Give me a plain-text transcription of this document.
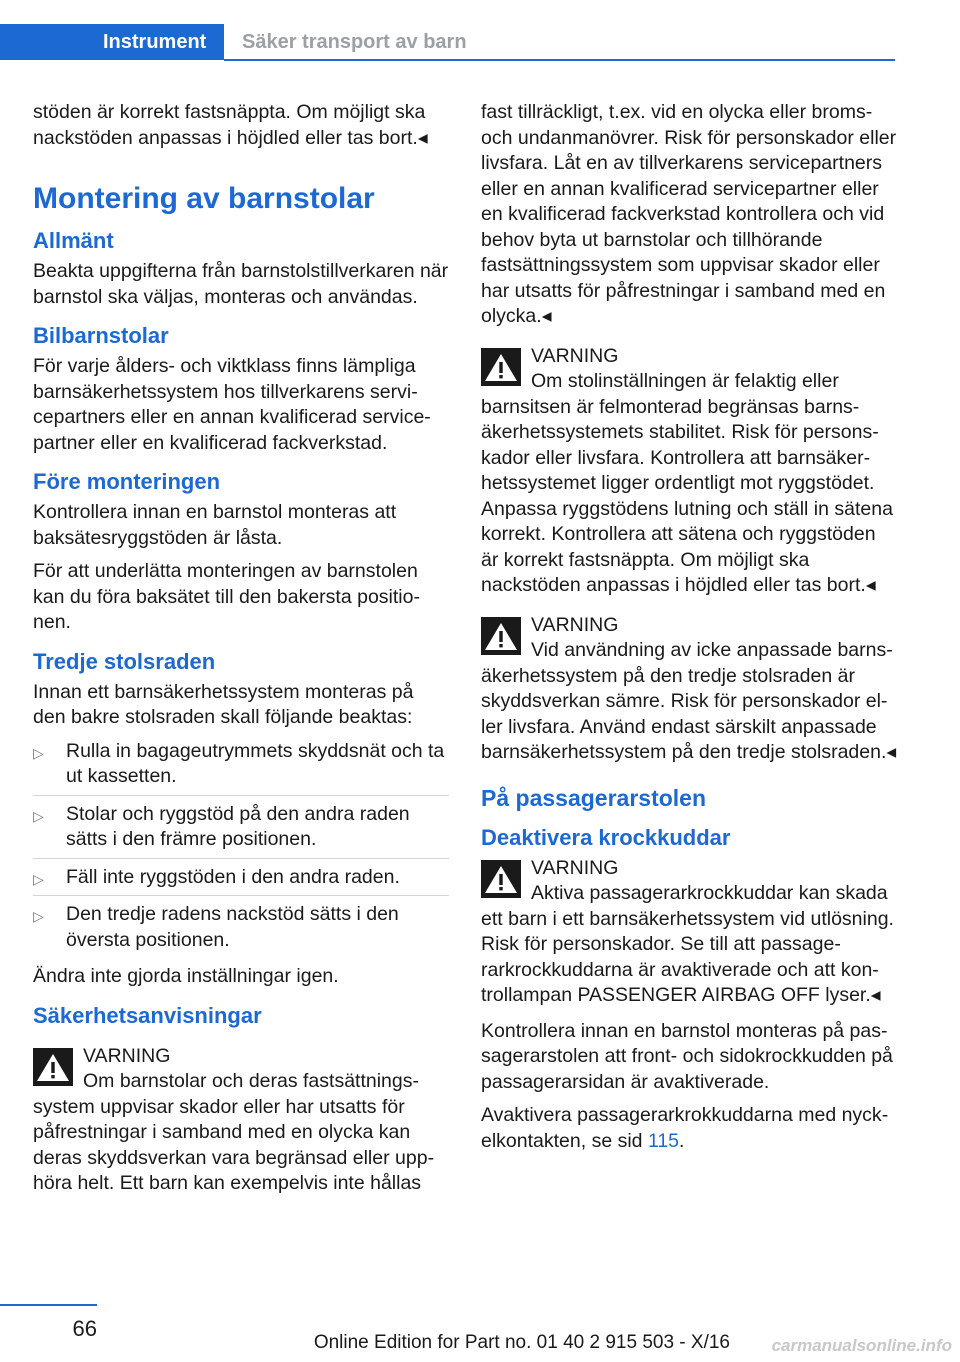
Instrument	Säker transport av barn

stöden är korrekt fastsnäppta. Om möjligt ska nackstöden anpassas i höjdled eller tas bort.◂

Montering av barnstolar
Allmänt

Beakta uppgifterna från barnstolstillverkaren när barnstol ska väljas, monteras och användas.

Bilbarnstolar

För varje ålders- och viktklass finns lämpliga barnsäkerhetssystem hos tillverkarens servicepartners eller en annan kvalificerad servicepartner eller en kvalificerad fackverkstad.

Före monteringen

Kontrollera innan en barnstol monteras att baksätesryggstöden är låsta.

För att underlätta monteringen av barnstolen kan du föra baksätet till den bakersta positionen.

Tredje stolsraden

Innan ett barnsäkerhetssystem monteras på den bakre stolsraden skall följande beaktas:

▷ Rulla in bagageutrymmets skyddsnät och ta ut kassetten.
▷ Stolar och ryggstöd på den andra raden sätts i den främre positionen.
▷ Fäll inte ryggstöden i den andra raden.
▷ Den tredje radens nackstöd sätts i den översta positionen.

Ändra inte gjorda inställningar igen.

Säkerhetsanvisningar
VARNING
Om barnstolar och deras fastsättningssystem uppvisar skador eller har utsatts för påfrestningar i samband med en olycka kan deras skyddsverkan vara begränsad eller upphöra helt. Ett barn kan exempelvis inte hållas

fast tillräckligt, t.ex. vid en olycka eller broms- och undanmanövrer. Risk för personskador eller livsfara. Låt en av tillverkarens servicepartners eller en annan kvalificerad servicepartner eller en kvalificerad fackverkstad kontrollera och vid behov byta ut barnstolar och tillhörande fastsättningssystem som uppvisar skador eller har utsatts för påfrestningar i samband med en olycka.◂

VARNING
Om stolinställningen är felaktig eller barnsitsen är felmonterad begränsas barnsäkerhetssystemets stabilitet. Risk för personskador eller livsfara. Kontrollera att barnsäkerhetssystemet ligger ordentligt mot ryggstödet. Anpassa ryggstödens lutning och ställ in sätena korrekt. Kontrollera att sätena och ryggstöden är korrekt fastsnäppta. Om möjligt ska nackstöden anpassas i höjdled eller tas bort.◂
VARNING
Vid användning av icke anpassade barnsäkerhetssystem på den tredje stolsraden är skyddsverkan sämre. Risk för personskador eller livsfara. Använd endast särskilt anpassade barnsäkerhetssystem på den tredje stolsraden.◂
På passagerarstolen
Deaktivera krockkuddar
VARNING
Aktiva passagerarkrockkuddar kan skada ett barn i ett barnsäkerhetssystem vid utlösning. Risk för personskador. Se till att passagerarkrockkuddarna är avaktiverade och att kontrollampan PASSENGER AIRBAG OFF lyser.◂

Kontrollera innan en barnstol monteras på passagerarstolen att front- och sidokrockkudden på passagerarsidan är avaktiverade.

Avaktivera passagerarkrokkuddarna med nyckelkontakten, se sid 115.

66
Online Edition for Part no. 01 40 2 915 503 - X/16 carmanualsonline.info
